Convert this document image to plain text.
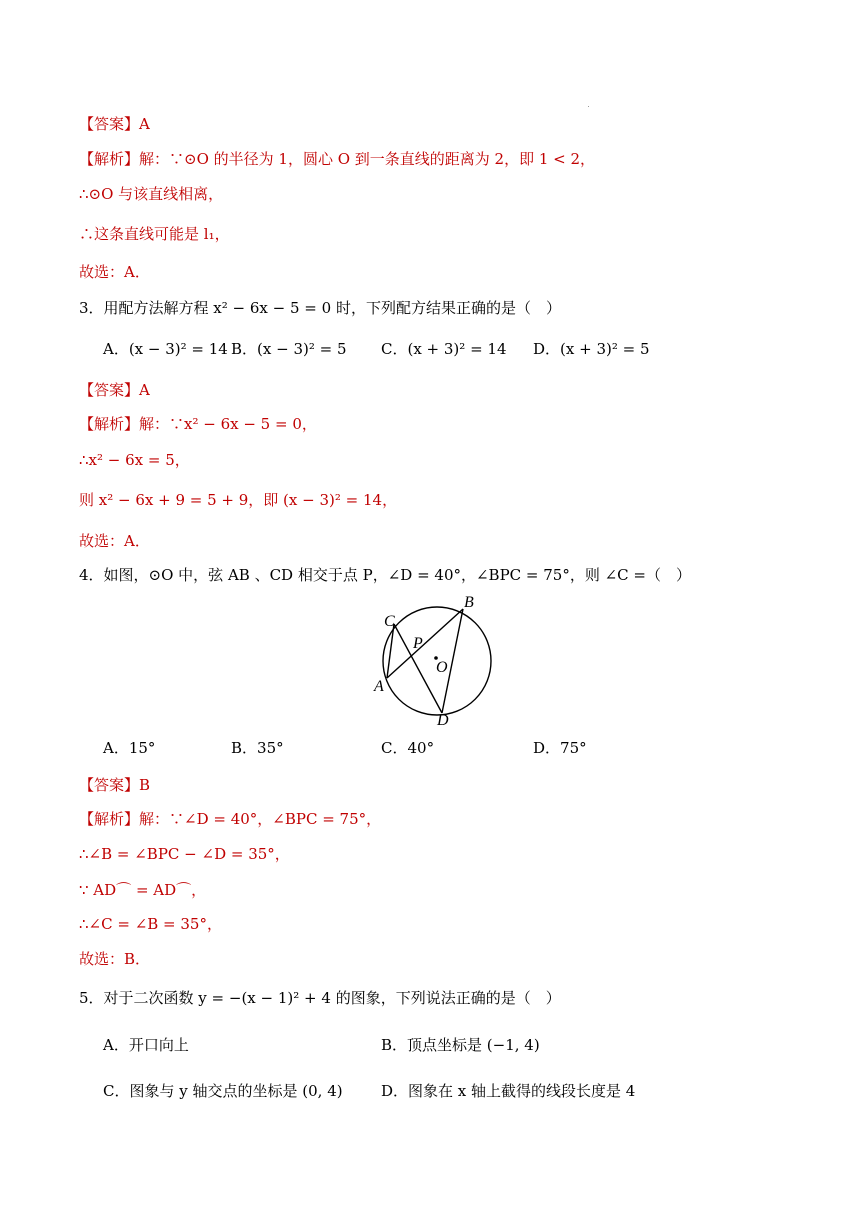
【答案】A
【解析】解：∵⊙O 的半径为 1，圆心 O 到一条直线的距离为 2，即 1 < 2，
∴⊙O 与该直线相离，
∴这条直线可能是 l₁，
故选：A．
3．用配方法解方程 x² − 6x − 5 = 0 时，下列配方结果正确的是（　）
A．(x − 3)² = 14 B．(x − 3)² = 5 C．(x + 3)² = 14 D．(x + 3)² = 5
【答案】A
【解析】解：∵x² − 6x − 5 = 0，
∴x² − 6x = 5，
则 x² − 6x + 9 = 5 + 9，即 (x − 3)² = 14，
故选：A．
4．如图，⊙O 中，弦 AB 、CD 相交于点 P，∠D = 40°，∠BPC = 75°，则 ∠C =（　）
C
B
P
O
A
D
A．15°	B．35°	C．40°	D．75°
【答案】B
【解析】解：∵∠D = 40°，∠BPC = 75°，
∴∠B = ∠BPC − ∠D = 35°，
∵ AD⌒ = AD⌒，
∴∠C = ∠B = 35°，
故选：B．
5．对于二次函数 y = −(x − 1)² + 4 的图象，下列说法正确的是（　）
A．开口向上	B．顶点坐标是 (−1, 4)
C．图象与 y 轴交点的坐标是 (0, 4)	D．图象在 x 轴上截得的线段长度是 4
